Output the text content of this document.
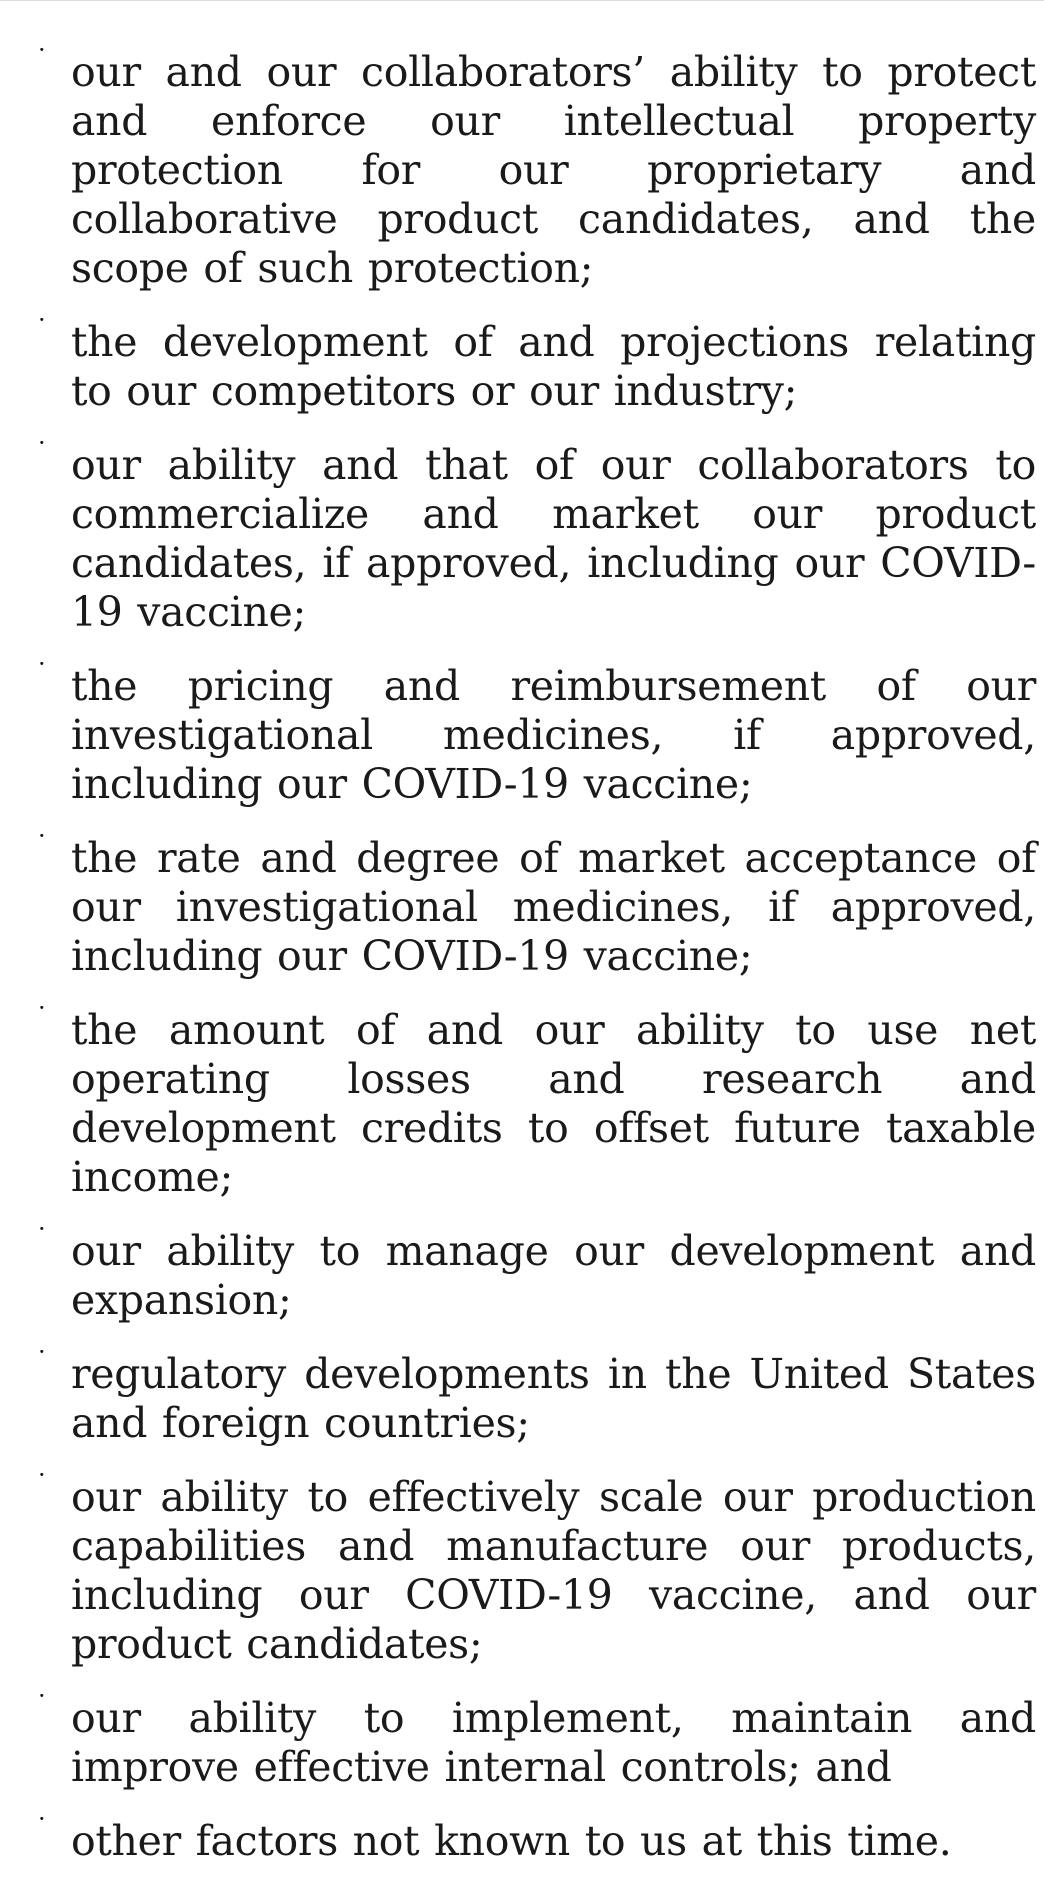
· our and our collaborators’ ability to protect and enforce our intellectual property protection for our proprietary and collaborative product candidates, and the scope of such protection;
· the development of and projections relating to our competitors or our industry;
· our ability and that of our collaborators to commercialize and market our product candidates, if approved, including our COVID-19 vaccine;
· the pricing and reimbursement of our investigational medicines, if approved, including our COVID-19 vaccine;
· the rate and degree of market acceptance of our investigational medicines, if approved, including our COVID-19 vaccine;
· the amount of and our ability to use net operating losses and research and development credits to offset future taxable income;
· our ability to manage our development and expansion;
· regulatory developments in the United States and foreign countries;
· our ability to effectively scale our production capabilities and manufacture our products, including our COVID-19 vaccine, and our product candidates;
· our ability to implement, maintain and improve effective internal controls; and
· other factors not known to us at this time.
